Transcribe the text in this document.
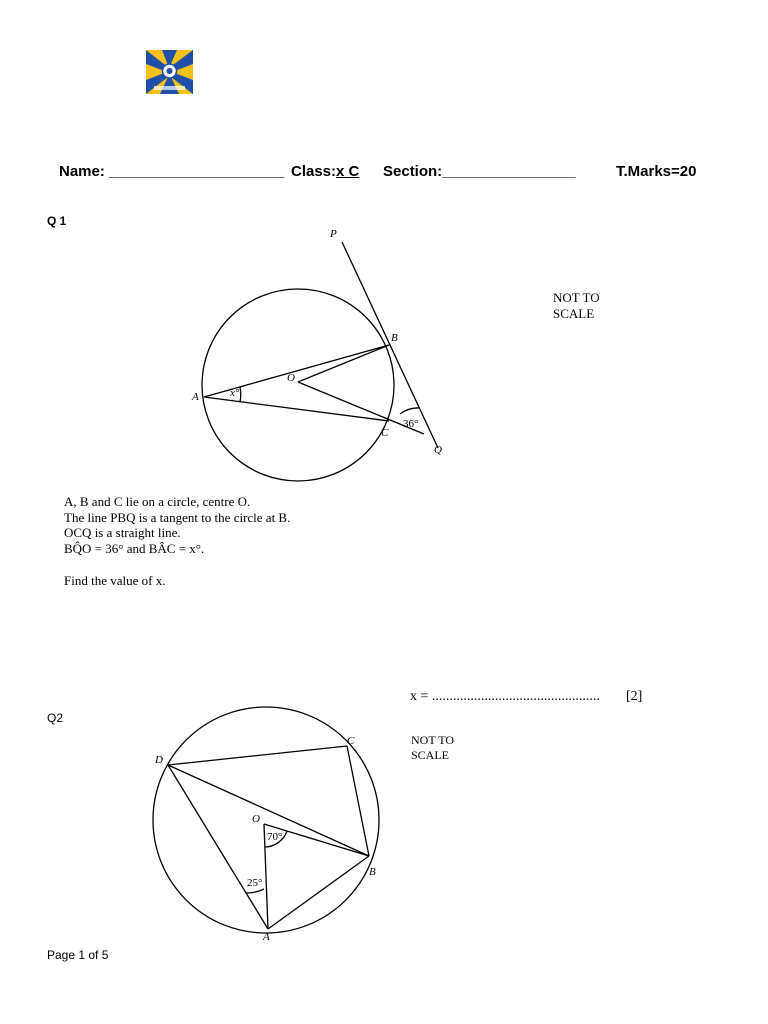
Name: _____________________ Class:x C Section:________________	T.Marks=20
Q 1
P
B
O
A
C
Q
x°
36°
NOT TO
SCALE
A, B and C lie on a circle, centre O.
The line PBQ is a tangent to the circle at B.
OCQ is a straight line.
BQ̂O = 36° and BÂC = x°.
Find the value of x.
x = ................................................ [2]
Q2
D
C
O
B
A
70°
25°
NOT TO
SCALE
Page 1 of 5
